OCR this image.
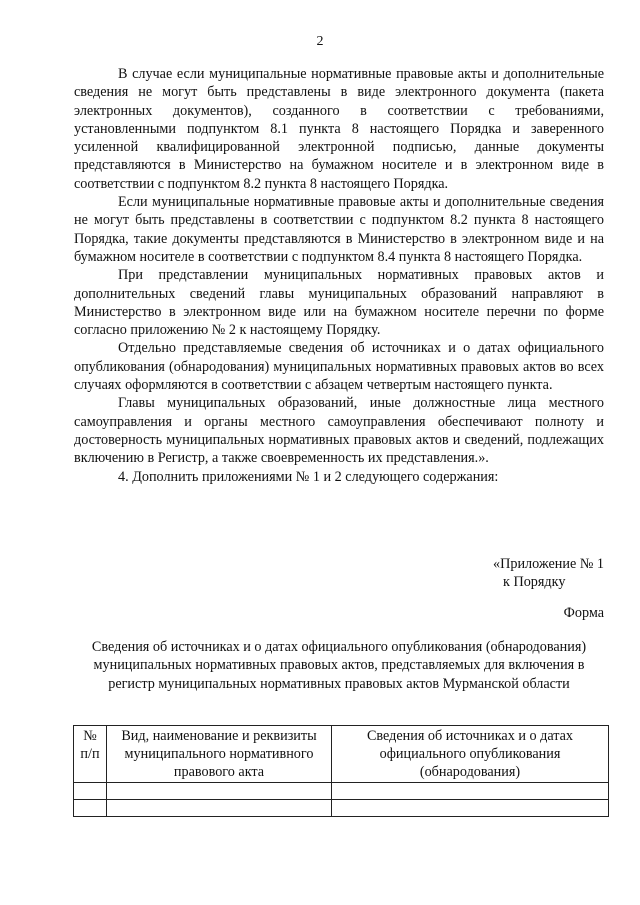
2

В случае если муниципальные нормативные правовые акты и дополнительные сведения не могут быть представлены в виде электронного документа (пакета электронных документов), созданного в соответствии с требованиями, установленными подпунктом 8.1 пункта 8 настоящего Порядка и заверенного усиленной квалифицированной электронной подписью, данные документы представляются в Министерство на бумажном носителе и в электронном виде в соответствии с подпунктом 8.2 пункта 8 настоящего Порядка.

Если муниципальные нормативные правовые акты и дополнительные сведения не могут быть представлены в соответствии с подпунктом 8.2 пункта 8 настоящего Порядка, такие документы представляются в Министерство в электронном виде и на бумажном носителе в соответствии с подпунктом 8.4 пункта 8 настоящего Порядка.

При представлении муниципальных нормативных правовых актов и дополнительных сведений главы муниципальных образований направляют в Министерство в электронном виде или на бумажном носителе перечни по форме согласно приложению № 2 к настоящему Порядку.

Отдельно представляемые сведения об источниках и о датах официального опубликования (обнародования) муниципальных нормативных правовых актов во всех случаях оформляются в соответствии с абзацем четвертым настоящего пункта.

Главы муниципальных образований, иные должностные лица местного самоуправления и органы местного самоуправления обеспечивают полноту и достоверность муниципальных нормативных правовых актов и сведений, подлежащих включению в Регистр, а также своевременность их представления.».

4. Дополнить приложениями № 1 и 2 следующего содержания:

«Приложение № 1
к Порядку
Форма
Сведения об источниках и о датах официального опубликования (обнародования) муниципальных нормативных правовых актов, представляемых для включения в регистр муниципальных нормативных правовых актов Мурманской области
№ п/п	Вид, наименование и реквизиты муниципального нормативного правового акта	Сведения об источниках и о датах официального опубликования (обнародования)
